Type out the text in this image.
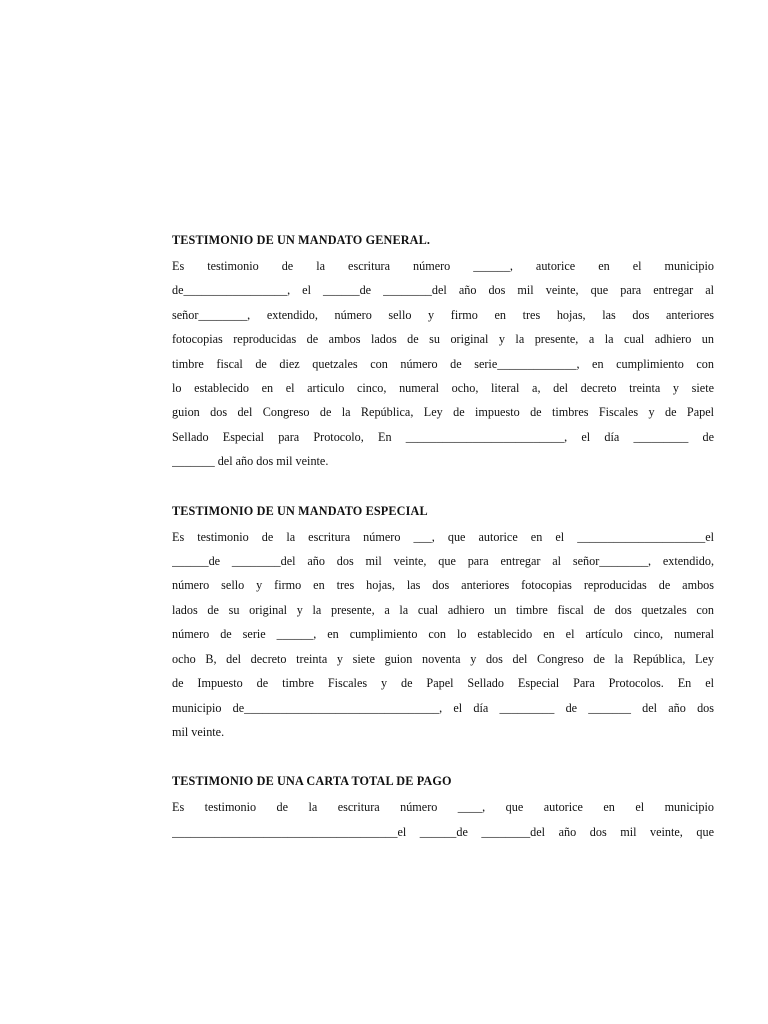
TESTIMONIO DE UN MANDATO GENERAL.
Es testimonio de la escritura número ______, autorice en el municipio
de_________________, el ______de ________del año dos mil veinte, que para entregar al
señor________, extendido, número sello y firmo en tres hojas, las dos anteriores
fotocopias reproducidas de ambos lados de su original y la presente, a la cual adhiero un
timbre fiscal de diez quetzales con número de serie_____________, en cumplimiento con
lo establecido en el articulo cinco, numeral ocho, literal a, del decreto treinta y siete
guion dos del Congreso de la República, Ley de impuesto de timbres Fiscales y de Papel
Sellado Especial para Protocolo, En __________________________, el día _________ de
_______ del año dos mil veinte.
TESTIMONIO DE UN MANDATO ESPECIAL
Es testimonio de la escritura número ___, que autorice en el _____________________el
______de ________del año dos mil veinte, que para entregar al señor________, extendido,
número sello y firmo en tres hojas, las dos anteriores fotocopias reproducidas de ambos
lados de su original y la presente, a la cual adhiero un timbre fiscal de dos quetzales con
número de serie ______, en cumplimiento con lo establecido en el artículo cinco, numeral
ocho B, del decreto treinta y siete guion noventa y dos del Congreso de la República, Ley
de Impuesto de timbre Fiscales y de Papel Sellado Especial Para Protocolos. En el
municipio de________________________________, el día _________ de _______ del año dos
mil veinte.
TESTIMONIO DE UNA CARTA TOTAL DE PAGO
Es testimonio de la escritura número ____, que autorice en el municipio
_____________________________________el ______de ________del año dos mil veinte, que
